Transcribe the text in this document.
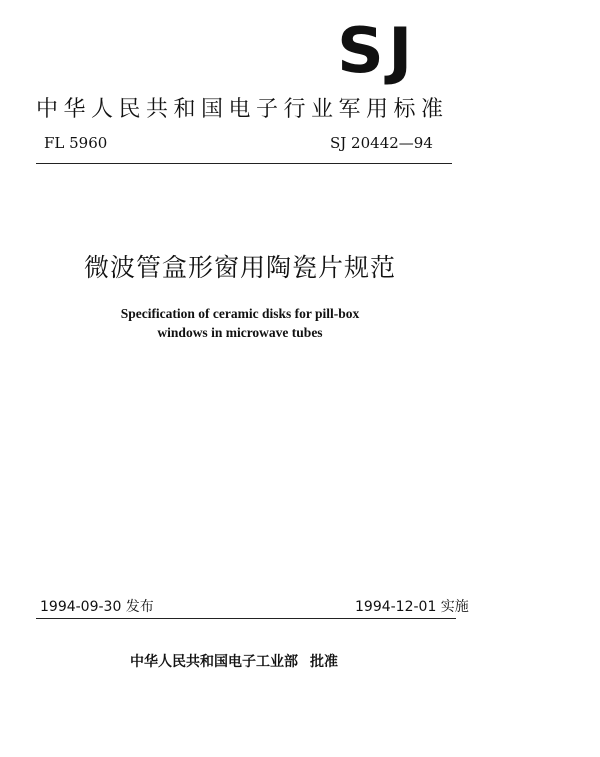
SJ
中华人民共和国电子行业军用标准
FL 5960	SJ 20442—94
微波管盒形窗用陶瓷片规范
Specification of ceramic disks for pill-box
windows in microwave tubes
1994-09-30 发布	1994-12-01 实施
中华人民共和国电子工业部 批准
